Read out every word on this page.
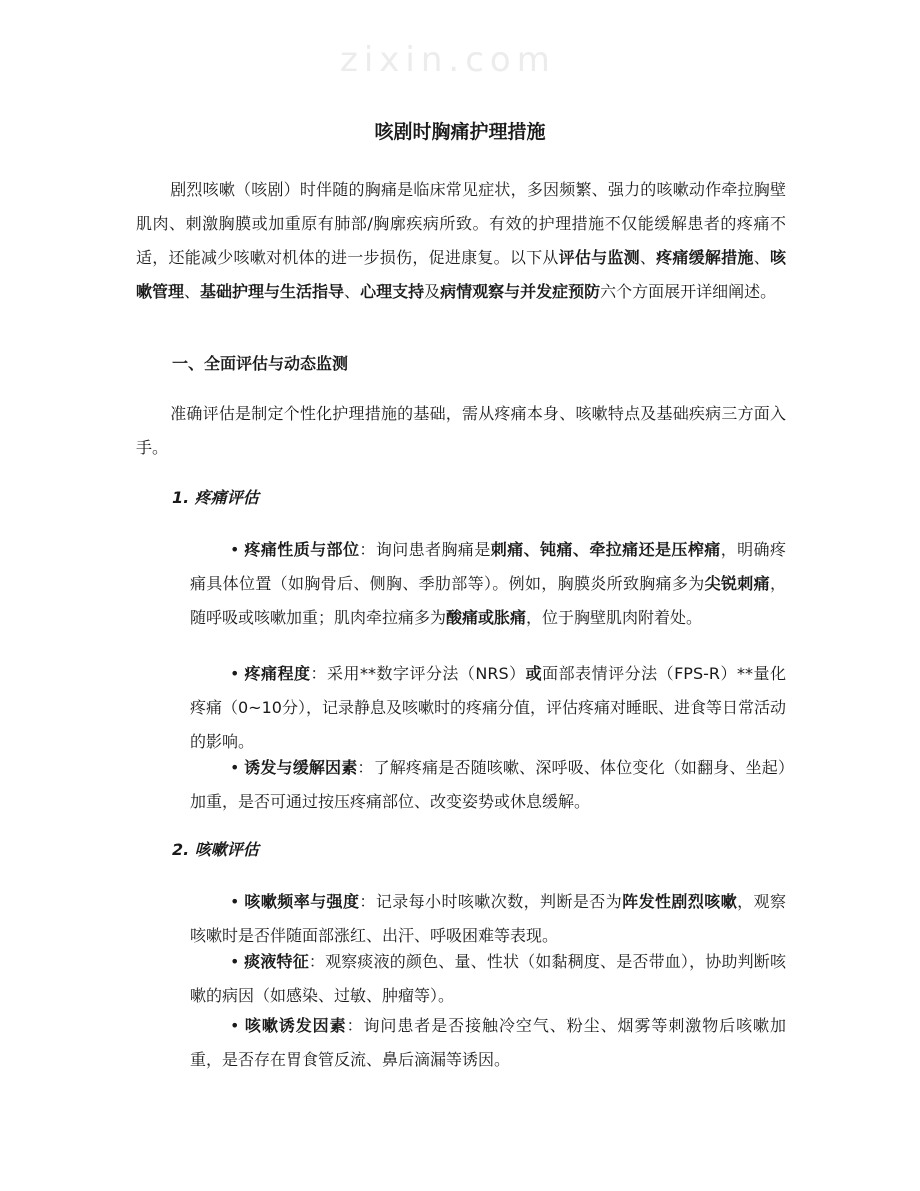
zixin.com
咳剧时胸痛护理措施

剧烈咳嗽（咳剧）时伴随的胸痛是临床常见症状，多因频繁、强力的咳嗽动作牵拉胸壁肌肉、刺激胸膜或加重原有肺部/胸廓疾病所致。有效的护理措施不仅能缓解患者的疼痛不适，还能减少咳嗽对机体的进一步损伤，促进康复。以下从评估与监测、疼痛缓解措施、咳嗽管理、基础护理与生活指导、心理支持及病情观察与并发症预防六个方面展开详细阐述。

一、全面评估与动态监测

准确评估是制定个性化护理措施的基础，需从疼痛本身、咳嗽特点及基础疾病三方面入手。

1. 疼痛评估

• 疼痛性质与部位：询问患者胸痛是刺痛、钝痛、牵拉痛还是压榨痛，明确疼痛具体位置（如胸骨后、侧胸、季肋部等）。例如，胸膜炎所致胸痛多为尖锐刺痛，随呼吸或咳嗽加重；肌肉牵拉痛多为酸痛或胀痛，位于胸壁肌肉附着处。

• 疼痛程度：采用**数字评分法（NRS）或面部表情评分法（FPS-R）**量化疼痛（0~10分），记录静息及咳嗽时的疼痛分值，评估疼痛对睡眠、进食等日常活动的影响。

• 诱发与缓解因素：了解疼痛是否随咳嗽、深呼吸、体位变化（如翻身、坐起）加重，是否可通过按压疼痛部位、改变姿势或休息缓解。

2. 咳嗽评估

• 咳嗽频率与强度：记录每小时咳嗽次数，判断是否为阵发性剧烈咳嗽，观察咳嗽时是否伴随面部涨红、出汗、呼吸困难等表现。

• 痰液特征：观察痰液的颜色、量、性状（如黏稠度、是否带血），协助判断咳嗽的病因（如感染、过敏、肿瘤等）。

• 咳嗽诱发因素：询问患者是否接触冷空气、粉尘、烟雾等刺激物后咳嗽加重，是否存在胃食管反流、鼻后滴漏等诱因。
